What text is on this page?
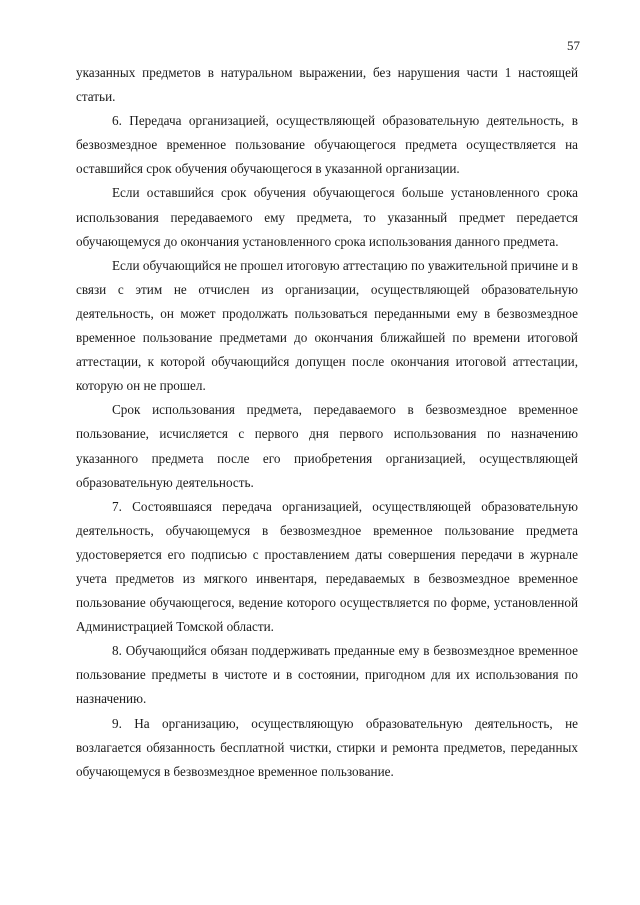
57

указанных предметов в натуральном выражении, без нарушения части 1 настоящей статьи.

6. Передача организацией, осуществляющей образовательную деятельность, в безвозмездное временное пользование обучающегося предмета осуществляется на оставшийся срок обучения обучающегося в указанной организации.

Если оставшийся срок обучения обучающегося больше установленного срока использования передаваемого ему предмета, то указанный предмет передается обучающемуся до окончания установленного срока использования данного предмета.

Если обучающийся не прошел итоговую аттестацию по уважительной причине и в связи с этим не отчислен из организации, осуществляющей образовательную деятельность, он может продолжать пользоваться переданными ему в безвозмездное временное пользование предметами до окончания ближайшей по времени итоговой аттестации, к которой обучающийся допущен после окончания итоговой аттестации, которую он не прошел.

Срок использования предмета, передаваемого в безвозмездное временное пользование, исчисляется с первого дня первого использования по назначению указанного предмета после его приобретения организацией, осуществляющей образовательную деятельность.

7. Состоявшаяся передача организацией, осуществляющей образовательную деятельность, обучающемуся в безвозмездное временное пользование предмета удостоверяется его подписью с проставлением даты совершения передачи в журнале учета предметов из мягкого инвентаря, передаваемых в безвозмездное временное пользование обучающегося, ведение которого осуществляется по форме, установленной Администрацией Томской области.

8. Обучающийся обязан поддерживать преданные ему в безвозмездное временное пользование предметы в чистоте и в состоянии, пригодном для их использования по назначению.

9. На организацию, осуществляющую образовательную деятельность, не возлагается обязанность бесплатной чистки, стирки и ремонта предметов, переданных обучающемуся в безвозмездное временное пользование.
